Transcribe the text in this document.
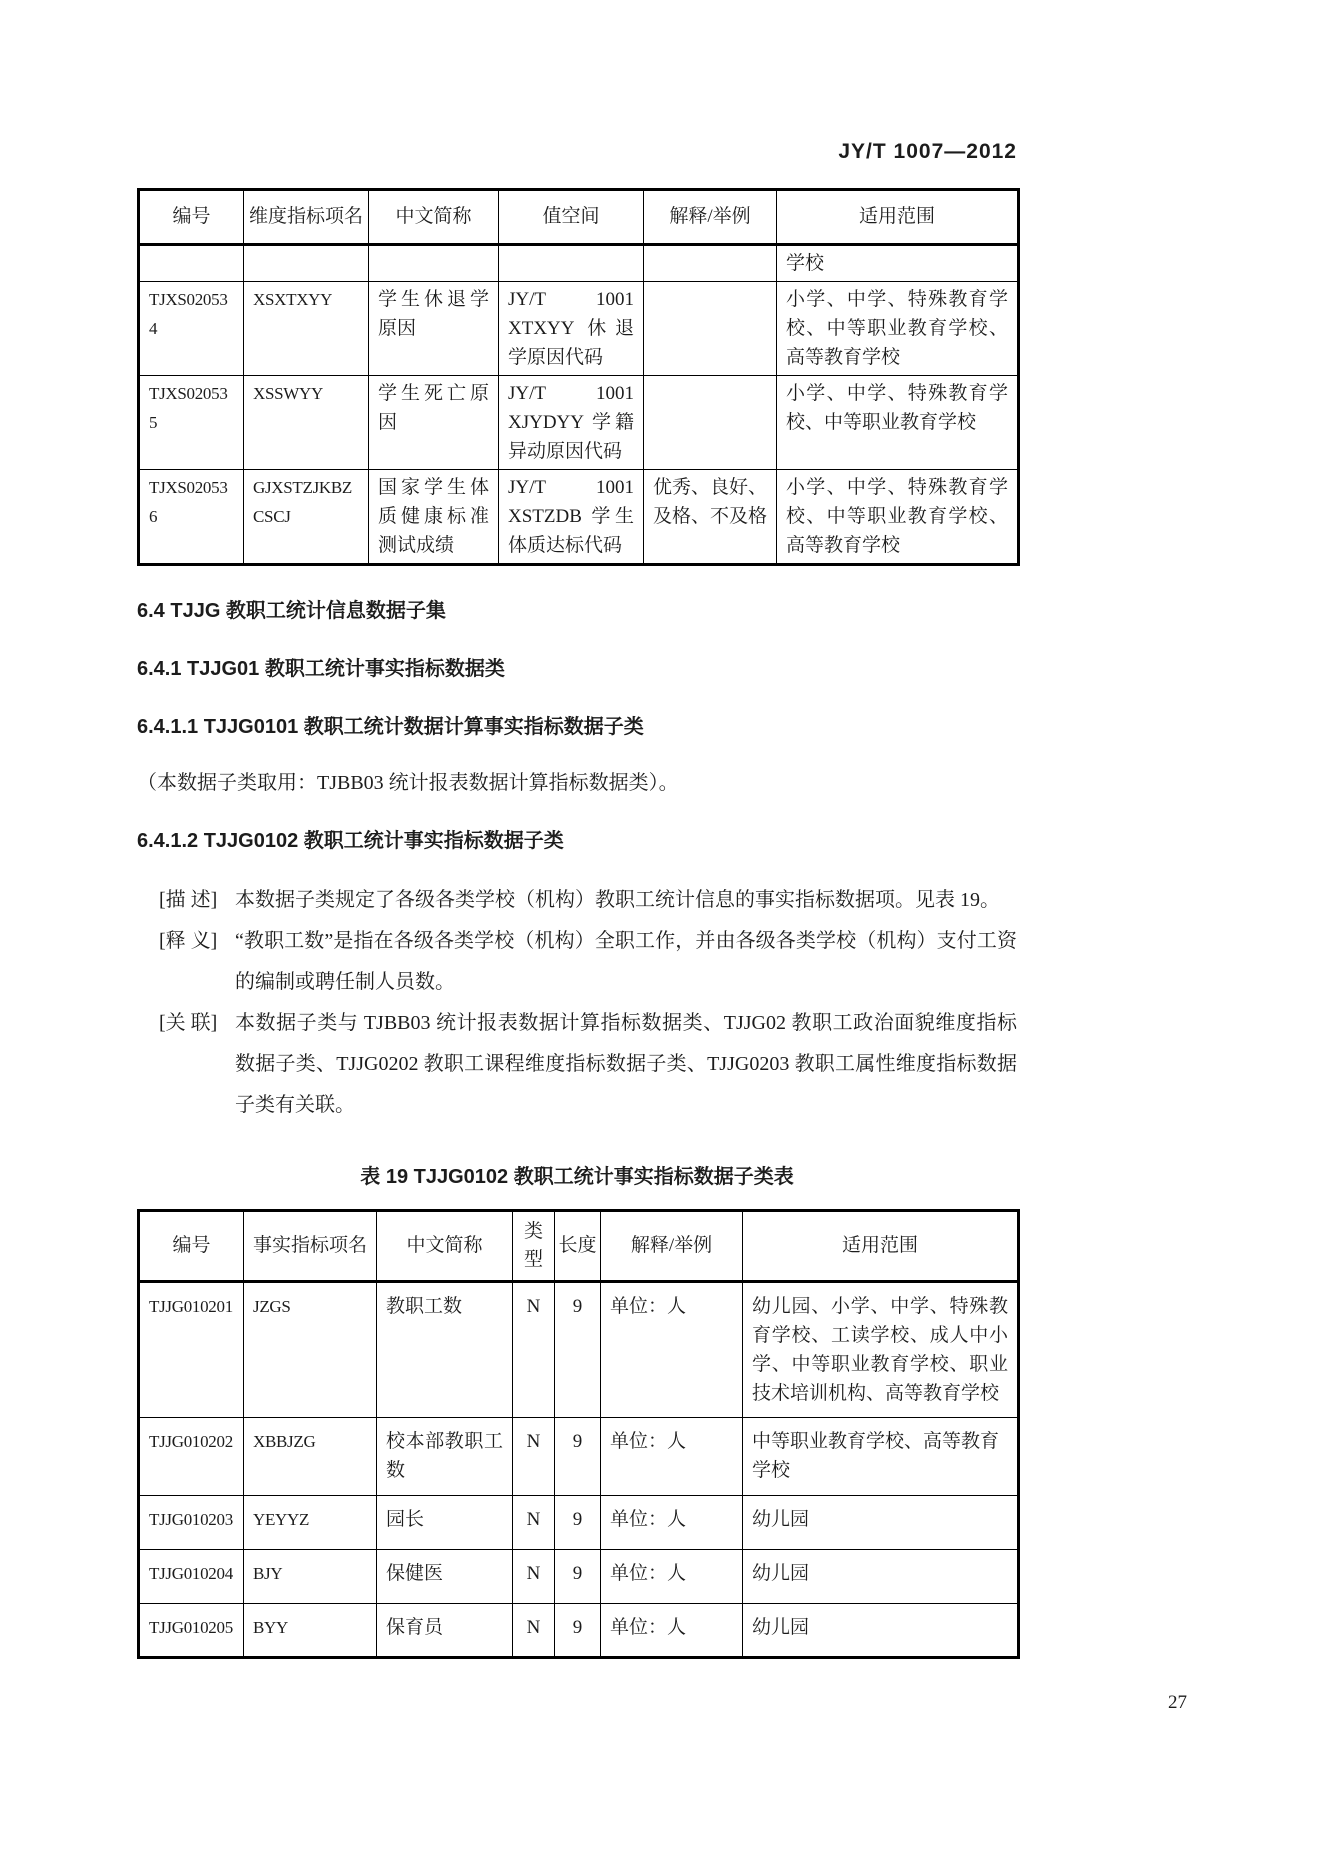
JY/T 1007—2012
编号	维度指标项名	中文简称	值空间	解释/举例	适用范围
					学校
TJXS020534	XSXTXYY	学生休退学原因	JY/T 1001 XTXYY 休退学原因代码		小学、中学、特殊教育学校、中等职业教育学校、高等教育学校
TJXS020535	XSSWYY	学生死亡原因	JY/T 1001 XJYDYY 学籍异动原因代码		小学、中学、特殊教育学校、中等职业教育学校
TJXS020536	GJXSTZJKBZCSCJ	国家学生体质健康标准测试成绩	JY/T 1001 XSTZDB 学生体质达标代码	优秀、良好、及格、不及格	小学、中学、特殊教育学校、中等职业教育学校、高等教育学校
6.4 TJJG 教职工统计信息数据子集
6.4.1 TJJG01 教职工统计事实指标数据类
6.4.1.1 TJJG0101 教职工统计数据计算事实指标数据子类
（本数据子类取用：TJBB03 统计报表数据计算指标数据类）。
6.4.1.2 TJJG0102 教职工统计事实指标数据子类
[描 述] 本数据子类规定了各级各类学校（机构）教职工统计信息的事实指标数据项。见表 19。
[释 义] “教职工数”是指在各级各类学校（机构）全职工作，并由各级各类学校（机构）支付工资的编制或聘任制人员数。
[关 联] 本数据子类与 TJBB03 统计报表数据计算指标数据类、TJJG02 教职工政治面貌维度指标数据子类、TJJG0202 教职工课程维度指标数据子类、TJJG0203 教职工属性维度指标数据子类有关联。
表 19 TJJG0102 教职工统计事实指标数据子类表
编号	事实指标项名	中文简称	类型	长度	解释/举例	适用范围
TJJG010201	JZGS	教职工数	N	9	单位：人	幼儿园、小学、中学、特殊教育学校、工读学校、成人中小学、中等职业教育学校、职业技术培训机构、高等教育学校
TJJG010202	XBBJZG	校本部教职工数	N	9	单位：人	中等职业教育学校、高等教育学校
TJJG010203	YEYYZ	园长	N	9	单位：人	幼儿园
TJJG010204	BJY	保健医	N	9	单位：人	幼儿园
TJJG010205	BYY	保育员	N	9	单位：人	幼儿园
27
